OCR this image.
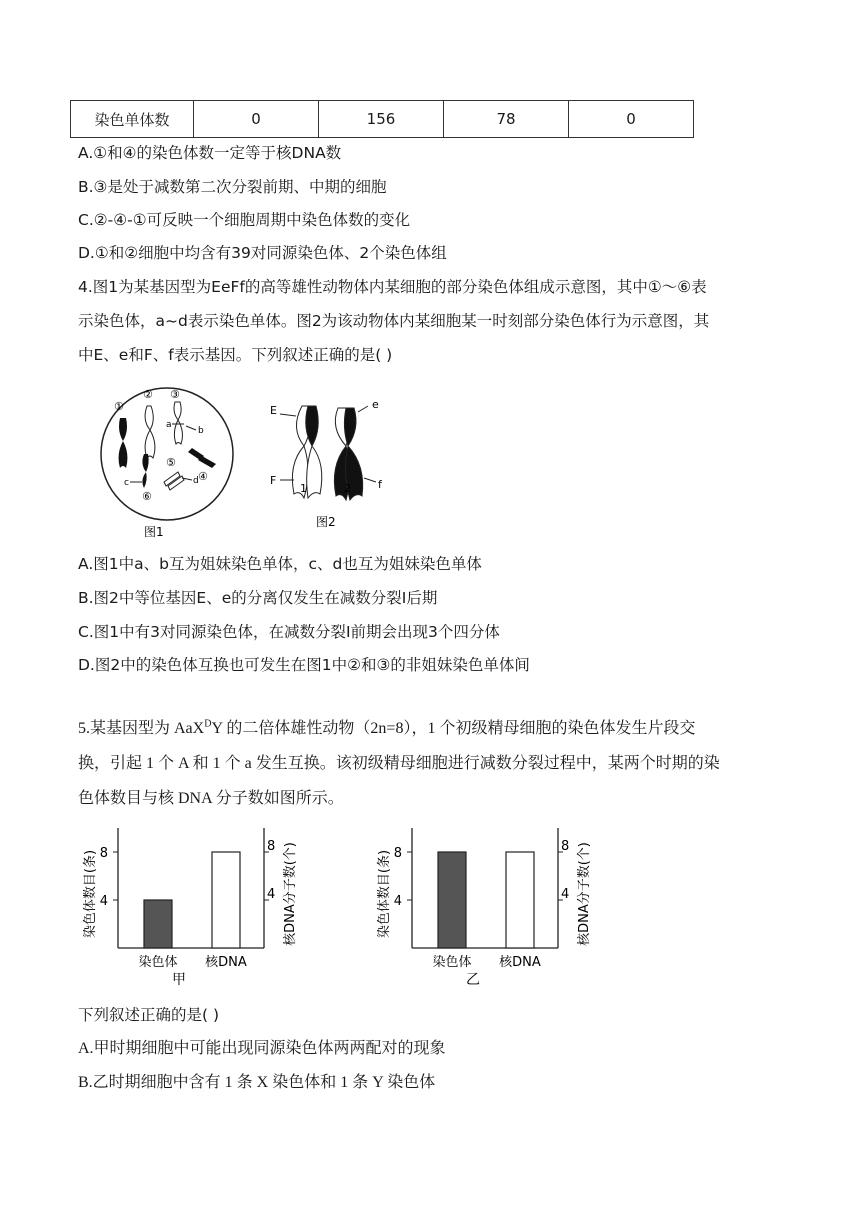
染色单体数	0	156	78	0
A.①和④的染色体数一定等于核DNA数
B.③是处于减数第二次分裂前期、中期的细胞
C.②-④-①可反映一个细胞周期中染色体数的变化
D.①和②细胞中均含有39对同源染色体、2个染色体组
4.图1为某基因型为EeFf的高等雄性动物体内某细胞的部分染色体组成示意图，其中①～⑥表
示染色体，a~d表示染色单体。图2为该动物体内某细胞某一时刻部分染色体行为示意图，其
中E、e和F、f表示基因。下列叙述正确的是( )
①
② ③
④
⑤
⑥
a
b
c	d
图1
E	e
F	f
1	2
图2
A.图1中a、b互为姐妹染色单体，c、d也互为姐妹染色单体
B.图2中等位基因E、e的分离仅发生在减数分裂Ⅰ后期
C.图1中有3对同源染色体，在减数分裂Ⅰ前期会出现3个四分体
D.图2中的染色体互换也可发生在图1中②和③的非姐妹染色单体间
5.某基因型为 AaX$^D$Y 的二倍体雄性动物（2n=8），1 个初级精母细胞的染色体发生片段交
换，引起 1 个 A 和 1 个 a 发生互换。该初级精母细胞进行减数分裂过程中，某两个时期的染
色体数目与核 DNA 分子数如图所示。
4	4
8	8
染色体 核DNA
染色体数目(条)	核DNA分子数(个)
甲
4	4
8	8
染色体 核DNA
染色体数目(条)	核DNA分子数(个)
乙
下列叙述正确的是( )
A.甲时期细胞中可能出现同源染色体两两配对的现象
B.乙时期细胞中含有 1 条 X 染色体和 1 条 Y 染色体
